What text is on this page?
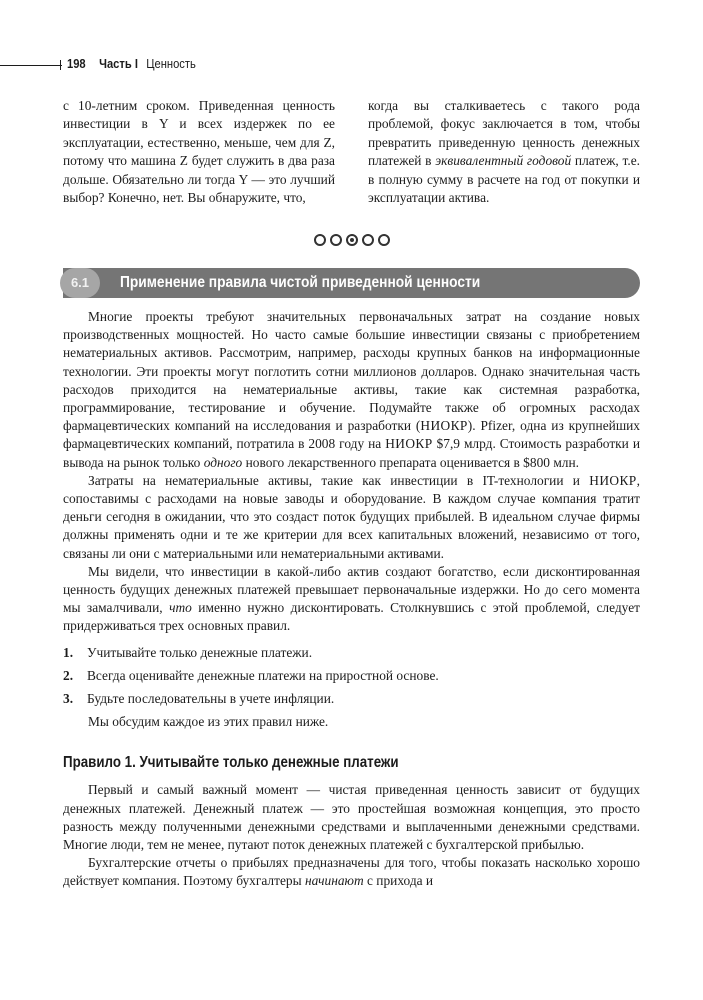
198 Часть I Ценность

с 10-летним сроком. Приведенная ценность инвестиции в Y и всех издержек по ее эксплуатации, естественно, меньше, чем для Z, потому что машина Z будет служить в два раза дольше. Обязательно ли тогда Y — это лучший выбор? Конечно, нет. Вы обнаружите, что,

когда вы сталкиваетесь с такого рода проблемой, фокус заключается в том, чтобы превратить приведенную ценность денежных платежей в эквивалентный годовой платеж, т.е. в полную сумму в расчете на год от покупки и эксплуатации актива.

6.1	Применение правила чистой приведенной ценности

Многие проекты требуют значительных первоначальных затрат на создание новых производственных мощностей. Но часто самые большие инвестиции связаны с приобретением нематериальных активов. Рассмотрим, например, расходы крупных банков на информационные технологии. Эти проекты могут поглотить сотни миллионов долларов. Однако значительная часть расходов приходится на нематериальные активы, такие как системная разработка, программирование, тестирование и обучение. Подумайте также об огромных расходах фармацевтических компаний на исследования и разработки (НИОКР). Pfizer, одна из крупнейших фармацевтических компаний, потратила в 2008 году на НИОКР $7,9 млрд. Стоимость разработки и вывода на рынок только одного нового лекарственного препарата оценивается в $800 млн.

Затраты на нематериальные активы, такие как инвестиции в IT-технологии и НИОКР, сопоставимы с расходами на новые заводы и оборудование. В каждом случае компания тратит деньги сегодня в ожидании, что это создаст поток будущих прибылей. В идеальном случае фирмы должны применять одни и те же критерии для всех капитальных вложений, независимо от того, связаны ли они с материальными или нематериальными активами.

Мы видели, что инвестиции в какой-либо актив создают богатство, если дисконтированная ценность будущих денежных платежей превышает первоначальные издержки. Но до сего момента мы замалчивали, что именно нужно дисконтировать. Столкнувшись с этой проблемой, следует придерживаться трех основных правил.

1. Учитывайте только денежные платежи.
2. Всегда оценивайте денежные платежи на приростной основе.
3. Будьте последовательны в учете инфляции.

Мы обсудим каждое из этих правил ниже.

Правило 1. Учитывайте только денежные платежи

Первый и самый важный момент — чистая приведенная ценность зависит от будущих денежных платежей. Денежный платеж — это простейшая возможная концепция, это просто разность между полученными денежными средствами и выплаченными денежными средствами. Многие люди, тем не менее, путают поток денежных платежей с бухгалтерской прибылью.

Бухгалтерские отчеты о прибылях предназначены для того, чтобы показать насколько хорошо действует компания. Поэтому бухгалтеры начинают с прихода и
